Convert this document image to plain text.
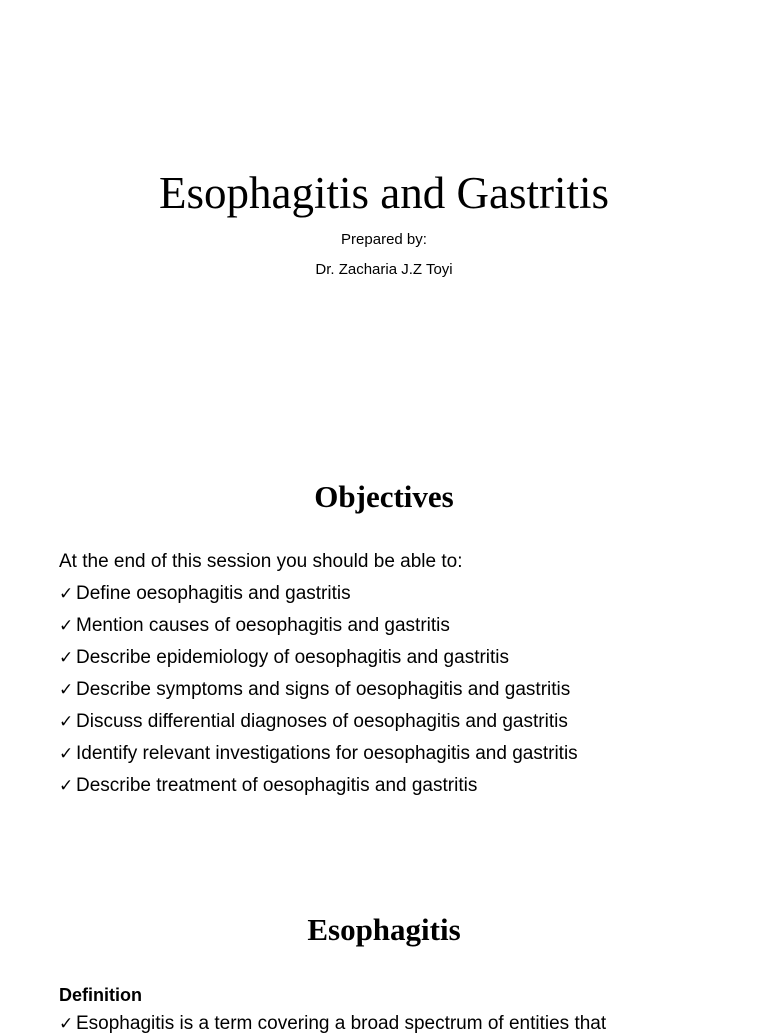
Esophagitis and Gastritis
Prepared by:
Dr. Zacharia J.Z Toyi
Objectives
At the end of this session you should be able to:
✓ Define oesophagitis and gastritis
✓ Mention causes of oesophagitis and gastritis
✓ Describe epidemiology of oesophagitis and gastritis
✓ Describe symptoms and signs of oesophagitis and gastritis
✓ Discuss differential diagnoses of oesophagitis and gastritis
✓ Identify relevant investigations for oesophagitis and gastritis
✓ Describe treatment of oesophagitis and gastritis
Esophagitis
Definition
✓ Esophagitis is a term covering a broad spectrum of entities that
